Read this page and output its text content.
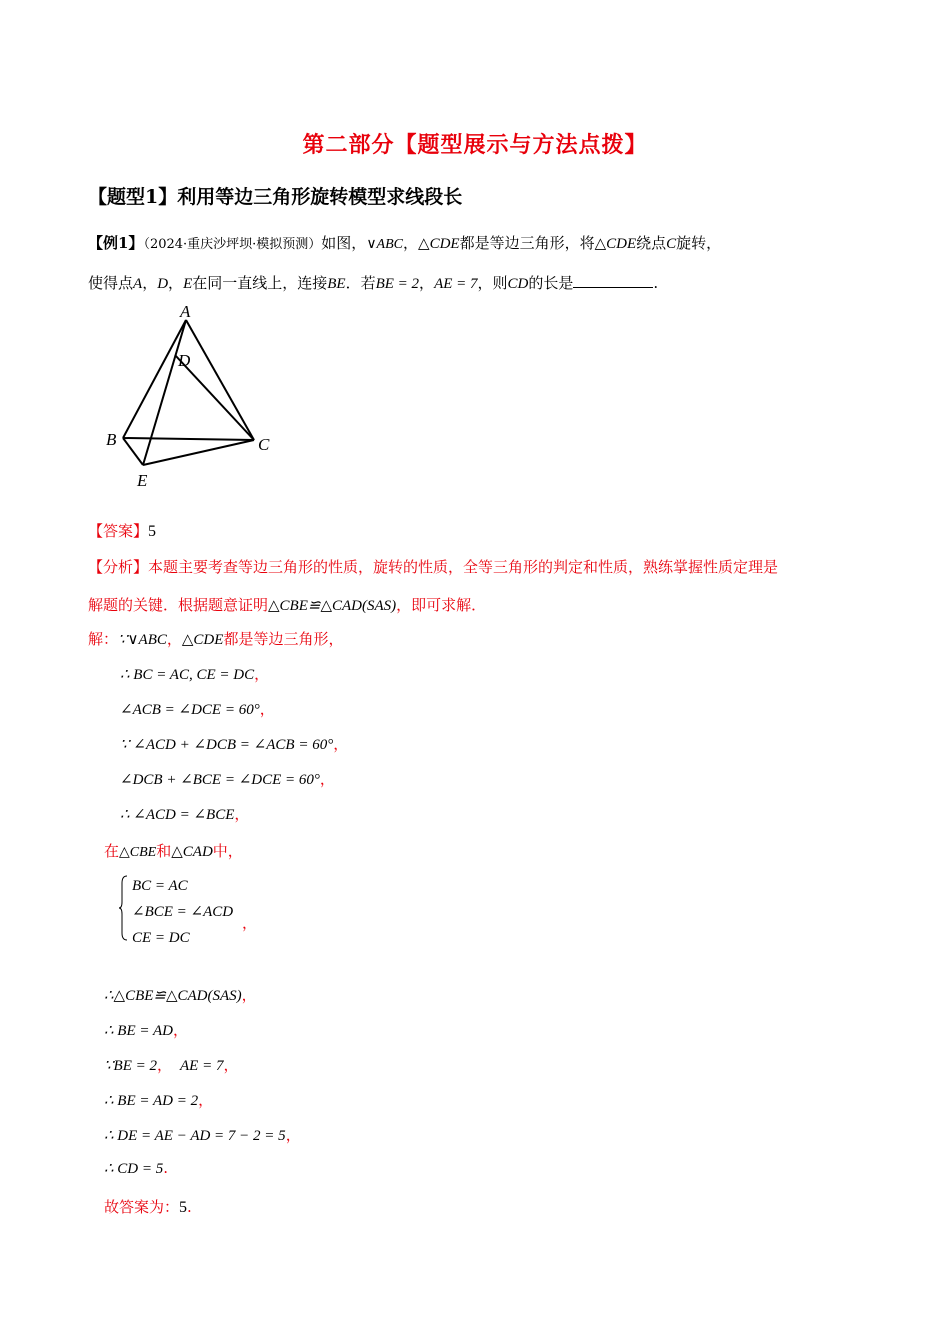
第二部分【题型展示与方法点拨】
【题型1】利用等边三角形旋转模型求线段长
【例1】（2024·重庆沙坪坝·模拟预测）如图，∨ABC，△CDE都是等边三角形，将△CDE绕点C旋转，
使得点A，D，E在同一直线上，连接BE．若BE = 2，AE = 7，则CD的长是	.
A
D
B	C
E
【答案】5
【分析】本题主要考查等边三角形的性质，旋转的性质，全等三角形的判定和性质，熟练掌握性质定理是
解题的关键．根据题意证明△CBE≌△CAD(SAS)，即可求解．
解：∵∨ABC，△CDE都是等边三角形，
∴ BC = AC, CE = DC，
∠ACB = ∠DCE = 60°，
∵ ∠ACD + ∠DCB = ∠ACB = 60°，
∠DCB + ∠BCE = ∠DCE = 60°，
∴ ∠ACD = ∠BCE，
在△CBE和△CAD中，
BC = AC
∠BCE = ∠ACD
CE = DC
，
∴△CBE≌△CAD(SAS)，
∴ BE = AD，
∵BE = 2， AE = 7，
∴ BE = AD = 2，
∴ DE = AE − AD = 7 − 2 = 5，
∴ CD = 5.
故答案为：5.
